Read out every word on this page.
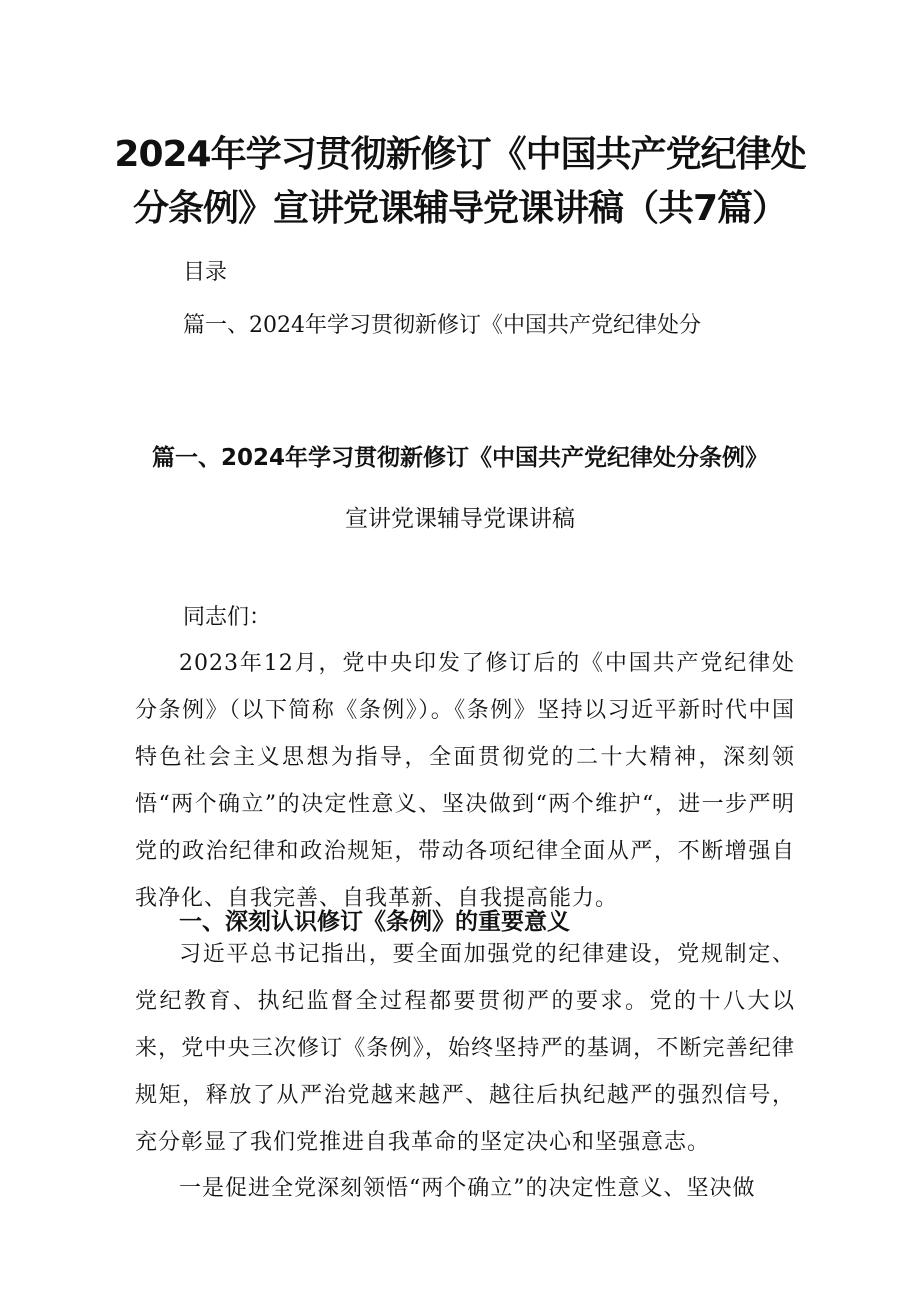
2024年学习贯彻新修订《中国共产党纪律处分条例》宣讲党课辅导党课讲稿（共7篇）
目录
篇一、2024年学习贯彻新修订《中国共产党纪律处分
篇一、2024年学习贯彻新修订《中国共产党纪律处分条例》
宣讲党课辅导党课讲稿
同志们：

2023年12月，党中央印发了修订后的《中国共产党纪律处分条例》（以下简称《条例》）。《条例》坚持以习近平新时代中国特色社会主义思想为指导，全面贯彻党的二十大精神，深刻领悟“两个确立”的决定性意义、坚决做到“两个维护“，进一步严明党的政治纪律和政治规矩，带动各项纪律全面从严，不断增强自我净化、自我完善、自我革新、自我提高能力。

一、深刻认识修订《条例》的重要意义

习近平总书记指出，要全面加强党的纪律建设，党规制定、党纪教育、执纪监督全过程都要贯彻严的要求。党的十八大以来，党中央三次修订《条例》，始终坚持严的基调，不断完善纪律规矩，释放了从严治党越来越严、越往后执纪越严的强烈信号，充分彰显了我们党推进自我革命的坚定决心和坚强意志。

一是促进全党深刻领悟“两个确立”的决定性意义、坚决做
